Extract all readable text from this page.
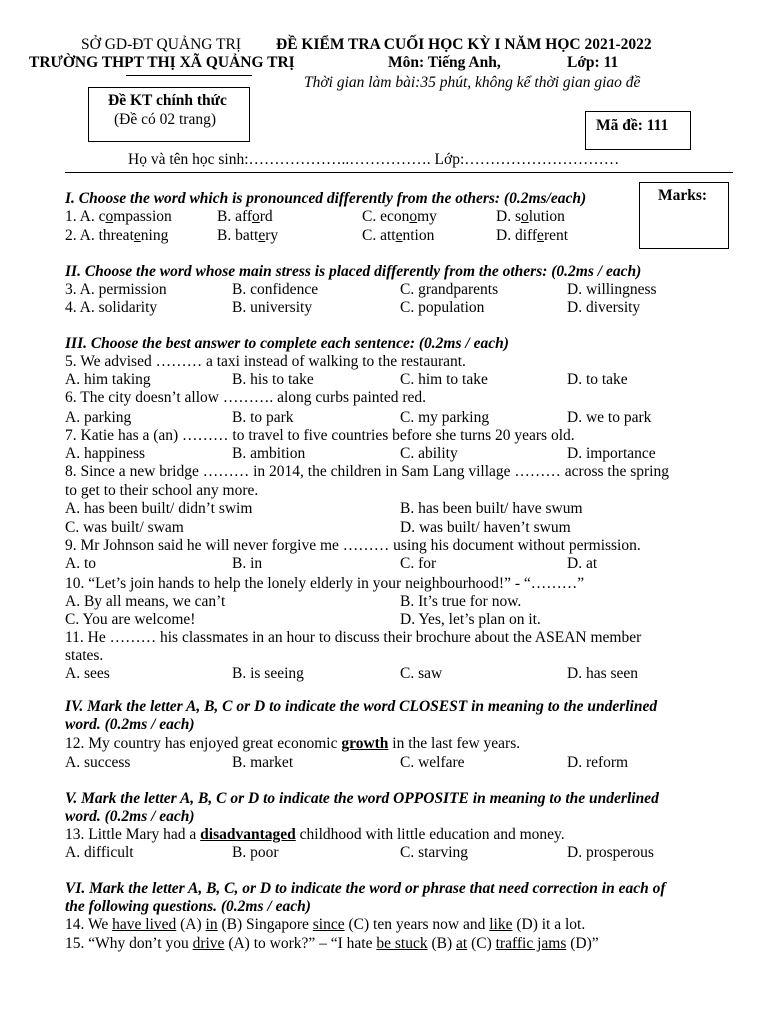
SỞ GD-ĐT QUẢNG TRỊ
TRƯỜNG THPT THỊ XÃ QUẢNG TRỊ
ĐỀ KIỂM TRA CUỐI HỌC KỲ I NĂM HỌC 2021-2022
Môn: Tiếng Anh,	Lớp: 11
Thời gian làm bài:35 phút, không kể thời gian giao đề
Đề KT chính thức
(Đề có 02 trang)	Mã đề: 111
Họ và tên học sinh:………………..……………. Lớp:…………………………
Marks:
I. Choose the word which is pronounced differently from the others: (0.2ms/each)
1. A. compassion	B. afford	C. economy	D. solution
2. A. threatening	B. battery	C. attention	D. different
II. Choose the word whose main stress is placed differently from the others: (0.2ms / each)
3. A. permission	B. confidence	C. grandparents	D. willingness
4. A. solidarity	B. university	C. population	D. diversity
III. Choose the best answer to complete each sentence: (0.2ms / each)
5. We advised ……… a taxi instead of walking to the restaurant.
A. him taking	B. his to take	C. him to take	D. to take
6. The city doesn’t allow ………. along curbs painted red.
A. parking	B. to park	C. my parking	D. we to park
7. Katie has a (an) ……… to travel to five countries before she turns 20 years old.
A. happiness	B. ambition	C. ability	D. importance
8. Since a new bridge ……… in 2014, the children in Sam Lang village ……… across the spring
to get to their school any more.
A. has been built/ didn’t swim	B. has been built/ have swum
C. was built/ swam	D. was built/ haven’t swum
9. Mr Johnson said he will never forgive me ……… using his document without permission.
A. to	B. in	C. for	D. at
10. “Let’s join hands to help the lonely elderly in your neighbourhood!” - “………”
A. By all means, we can’t	B. It’s true for now.
C. You are welcome!	D. Yes, let’s plan on it.
11. He ……… his classmates in an hour to discuss their brochure about the ASEAN member
states.
A. sees	B. is seeing	C. saw	D. has seen
IV. Mark the letter A, B, C or D to indicate the word CLOSEST in meaning to the underlined
word. (0.2ms / each)
12. My country has enjoyed great economic growth in the last few years.
A. success	B. market	C. welfare	D. reform
V. Mark the letter A, B, C or D to indicate the word OPPOSITE in meaning to the underlined
word. (0.2ms / each)
13. Little Mary had a disadvantaged childhood with little education and money.
A. difficult	B. poor	C. starving	D. prosperous
VI. Mark the letter A, B, C, or D to indicate the word or phrase that need correction in each of
the following questions. (0.2ms / each)
14. We have lived (A) in (B) Singapore since (C) ten years now and like (D) it a lot.
15. “Why don’t you drive (A) to work?” – “I hate be stuck (B) at (C) traffic jams (D)”
